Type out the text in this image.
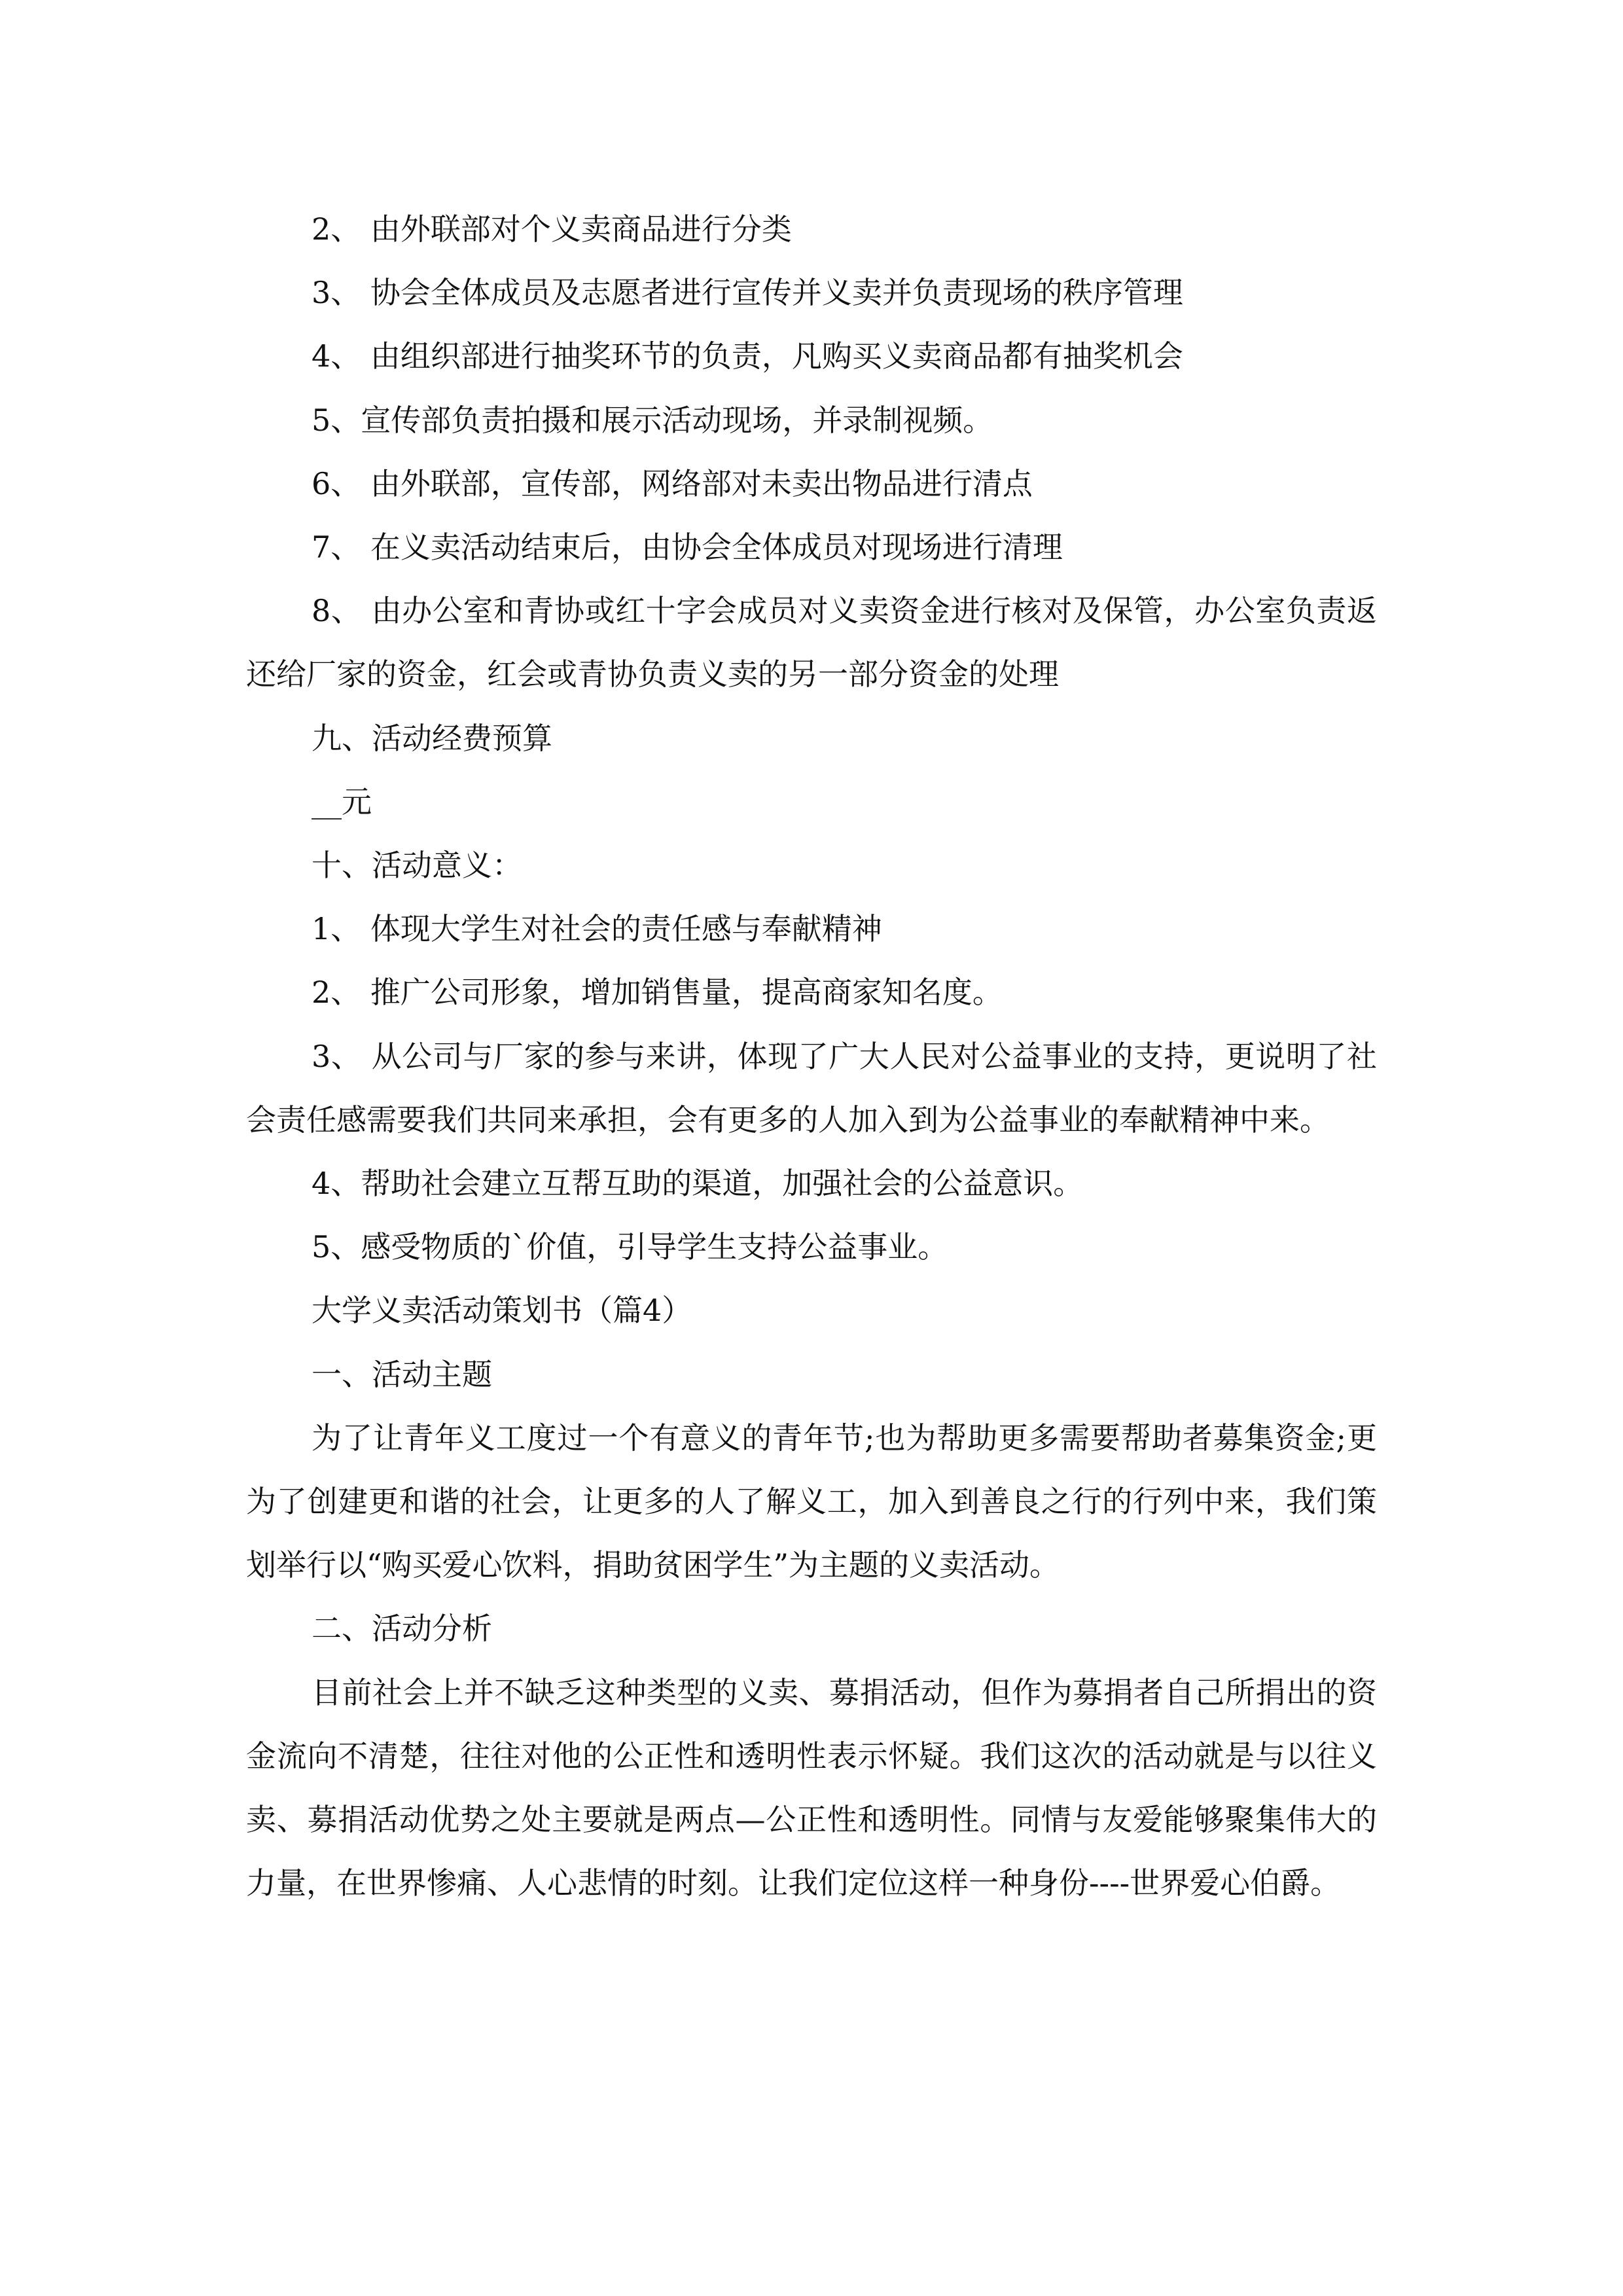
2、 由外联部对个义卖商品进行分类

3、 协会全体成员及志愿者进行宣传并义卖并负责现场的秩序管理

4、 由组织部进行抽奖环节的负责，凡购买义卖商品都有抽奖机会

5、宣传部负责拍摄和展示活动现场，并录制视频。

6、 由外联部，宣传部，网络部对未卖出物品进行清点

7、 在义卖活动结束后，由协会全体成员对现场进行清理

8、 由办公室和青协或红十字会成员对义卖资金进行核对及保管，办公室负责返还给厂家的资金，红会或青协负责义卖的另一部分资金的处理

九、活动经费预算

__元

十、活动意义：

1、 体现大学生对社会的责任感与奉献精神

2、 推广公司形象，增加销售量，提高商家知名度。

3、 从公司与厂家的参与来讲，体现了广大人民对公益事业的支持，更说明了社会责任感需要我们共同来承担，会有更多的人加入到为公益事业的奉献精神中来。

4、帮助社会建立互帮互助的渠道，加强社会的公益意识。

5、感受物质的`价值，引导学生支持公益事业。

大学义卖活动策划书（篇4）

一、活动主题

为了让青年义工度过一个有意义的青年节;也为帮助更多需要帮助者募集资金;更为了创建更和谐的社会，让更多的人了解义工，加入到善良之行的行列中来，我们策划举行以“购买爱心饮料，捐助贫困学生”为主题的义卖活动。

二、活动分析

目前社会上并不缺乏这种类型的义卖、募捐活动，但作为募捐者自己所捐出的资金流向不清楚，往往对他的公正性和透明性表示怀疑。我们这次的活动就是与以往义卖、募捐活动优势之处主要就是两点—公正性和透明性。同情与友爱能够聚集伟大的力量，在世界惨痛、人心悲情的时刻。让我们定位这样一种身份----世界爱心伯爵。
